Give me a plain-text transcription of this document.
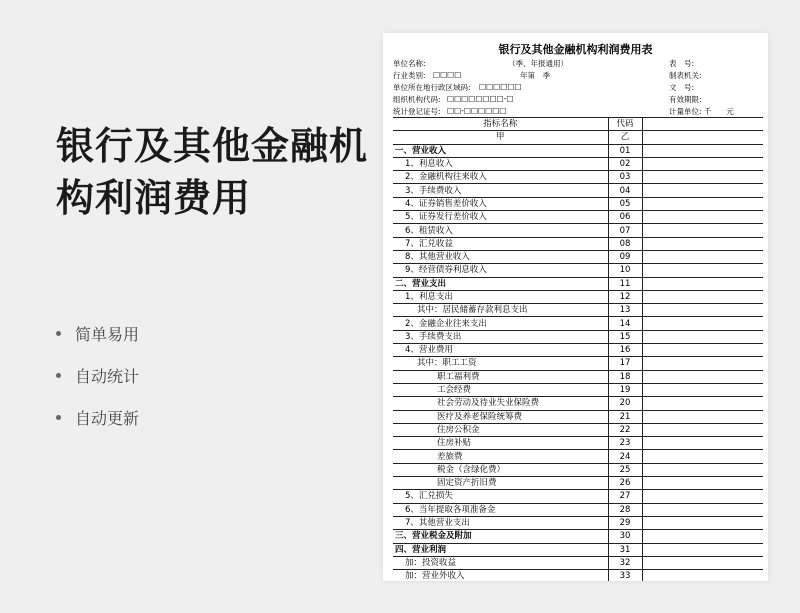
银行及其他金融机构利润费用
简单易用
自动统计
自动更新
银行及其他金融机构利润费用表
单位名称:	（季、年报通用）	表　号:
行业类别: □□□□	年第　季	制表机关:
单位所在地行政区域码: □□□□□□	文　号:
组织机构代码: □□□□□□□□-□	有效期限:
统计登记证号: □□-□□□□□□	计量单位: 千　　元
指标名称	代码	
甲	乙	
一、营业收入	01	
1、利息收入	02	
2、金融机构往来收入	03	
3、手续费收入	04	
4、证券销售差价收入	05	
5、证券发行差价收入	06	
6、租赁收入	07	
7、汇兑收益	08	
8、其他营业收入	09	
9、经营债券利息收入	10	
二、营业支出	11	
1、利息支出	12	
其中：居民储蓄存款利息支出	13	
2、金融企业往来支出	14	
3、手续费支出	15	
4、营业费用	16	
其中：职工工资	17	
职工福利费	18	
工会经费	19	
社会劳动及待业失业保险费	20	
医疗及养老保险统筹费	21	
住房公积金	22	
住房补贴	23	
差旅费	24	
税金（含绿化费）	25	
固定资产折旧费	26	
5、汇兑损失	27	
6、当年提取各项准备金	28	
7、其他营业支出	29	
三、营业税金及附加	30	
四、营业利润	31	
加：投资收益	32	
加：营业外收入	33	
